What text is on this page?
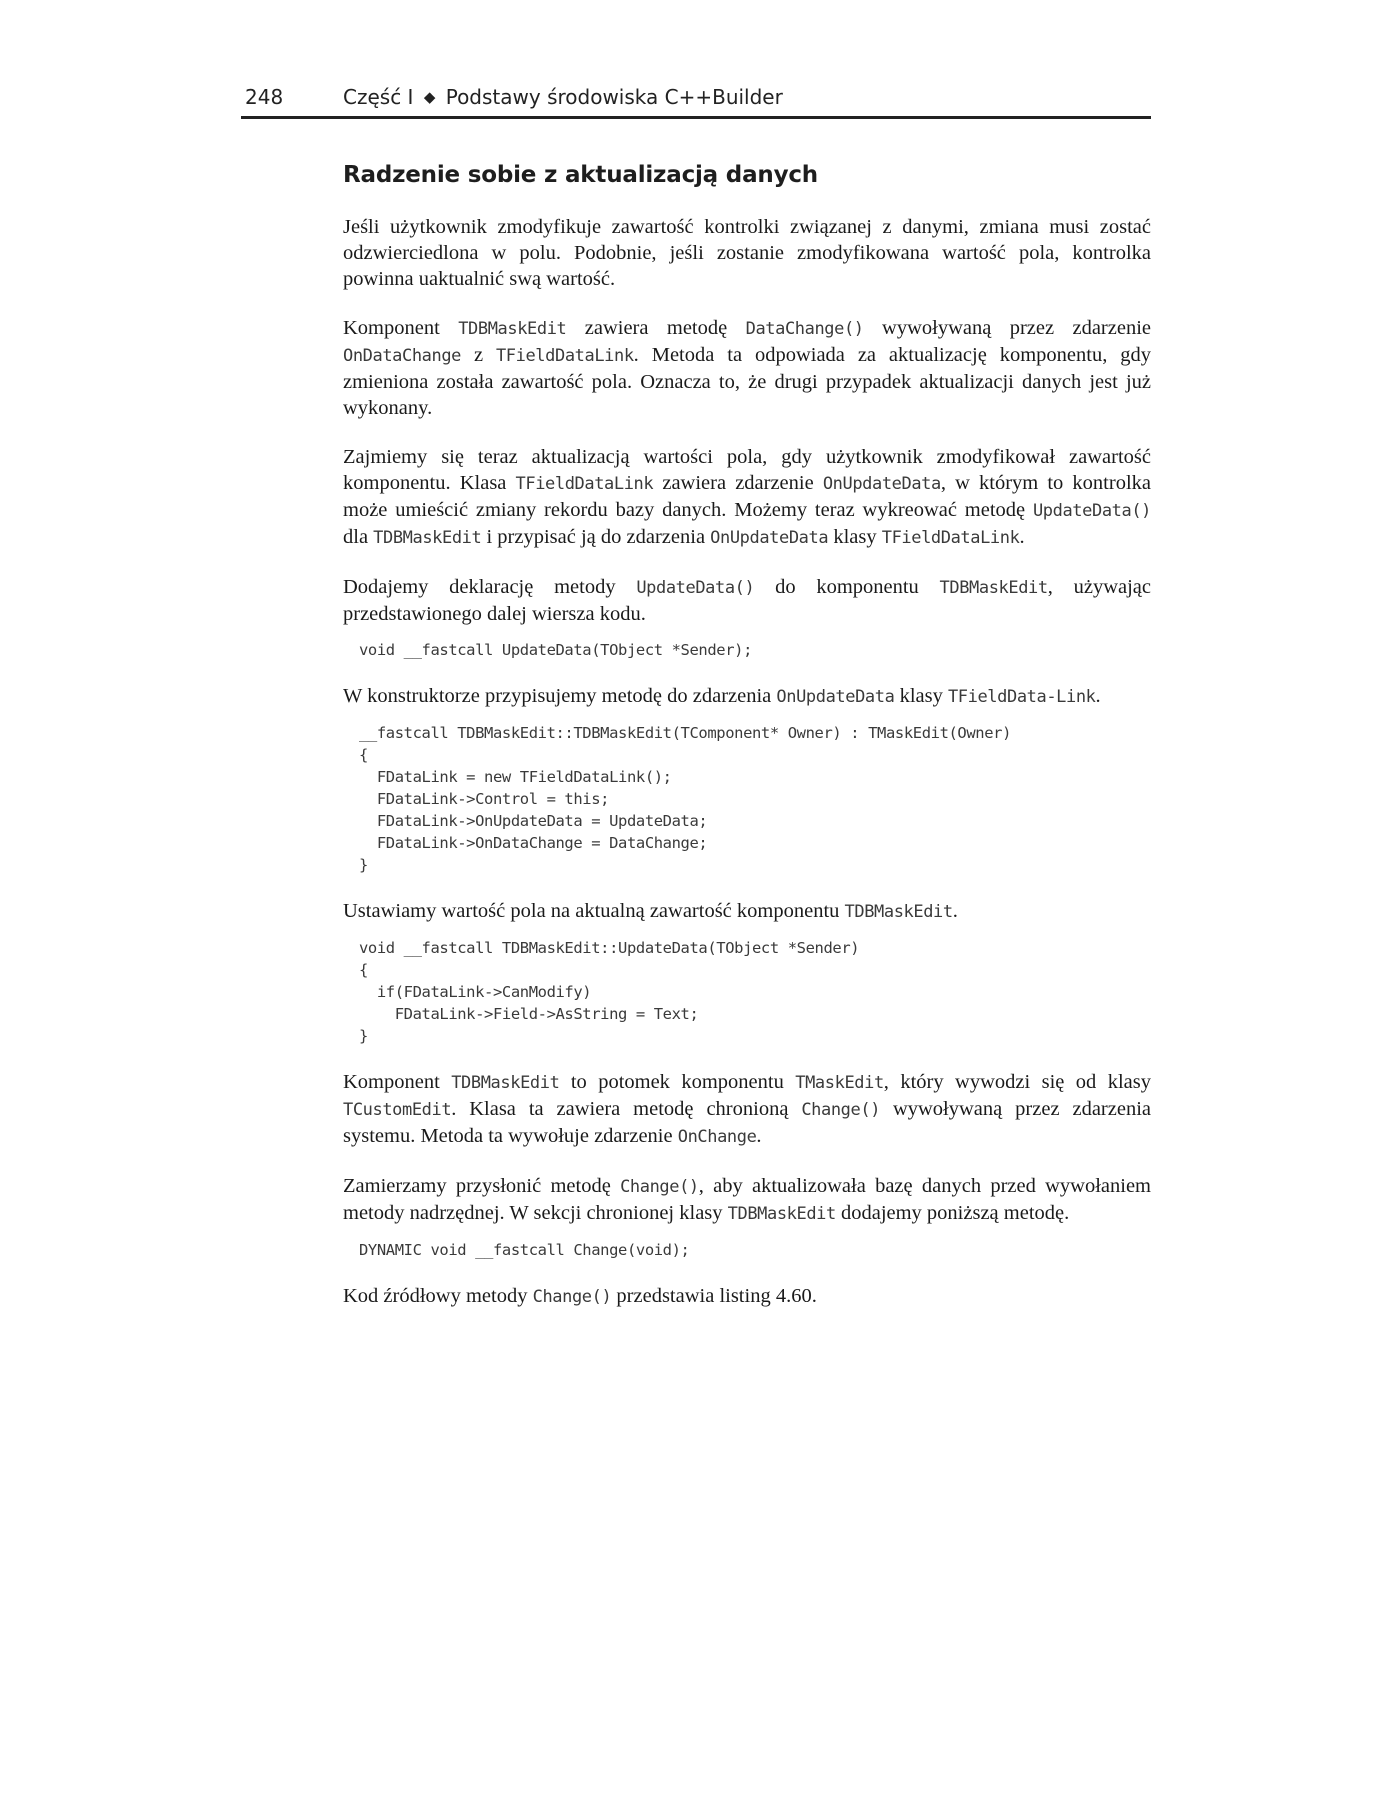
248	Część I ◆ Podstawy środowiska C++Builder
Radzenie sobie z aktualizacją danych

Jeśli użytkownik zmodyfikuje zawartość kontrolki związanej z danymi, zmiana musi zostać odzwierciedlona w polu. Podobnie, jeśli zostanie zmodyfikowana wartość pola, kontrolka powinna uaktualnić swą wartość.

Komponent TDBMaskEdit zawiera metodę DataChange() wywoływaną przez zdarzenie OnDataChange z TFieldDataLink. Metoda ta odpowiada za aktualizację komponentu, gdy zmieniona została zawartość pola. Oznacza to, że drugi przypadek aktualizacji danych jest już wykonany.

Zajmiemy się teraz aktualizacją wartości pola, gdy użytkownik zmodyfikował zawartość komponentu. Klasa TFieldDataLink zawiera zdarzenie OnUpdateData, w którym to kontrolka może umieścić zmiany rekordu bazy danych. Możemy teraz wykreować metodę UpdateData() dla TDBMaskEdit i przypisać ją do zdarzenia OnUpdateData klasy TFieldDataLink.

Dodajemy deklarację metody UpdateData() do komponentu TDBMaskEdit, używając przedstawionego dalej wiersza kodu.

void __fastcall UpdateData(TObject *Sender);

W konstruktorze przypisujemy metodę do zdarzenia OnUpdateData klasy TFieldData-Link.

__fastcall TDBMaskEdit::TDBMaskEdit(TComponent* Owner) : TMaskEdit(Owner)
{
FDataLink = new TFieldDataLink();
FDataLink->Control = this;
FDataLink->OnUpdateData = UpdateData;
FDataLink->OnDataChange = DataChange;
}

Ustawiamy wartość pola na aktualną zawartość komponentu TDBMaskEdit.

void __fastcall TDBMaskEdit::UpdateData(TObject *Sender)
{
if(FDataLink->CanModify)
FDataLink->Field->AsString = Text;
}

Komponent TDBMaskEdit to potomek komponentu TMaskEdit, który wywodzi się od klasy TCustomEdit. Klasa ta zawiera metodę chronioną Change() wywoływaną przez zdarzenia systemu. Metoda ta wywołuje zdarzenie OnChange.

Zamierzamy przysłonić metodę Change(), aby aktualizowała bazę danych przed wywołaniem metody nadrzędnej. W sekcji chronionej klasy TDBMaskEdit dodajemy poniższą metodę.

DYNAMIC void __fastcall Change(void);

Kod źródłowy metody Change() przedstawia listing 4.60.
